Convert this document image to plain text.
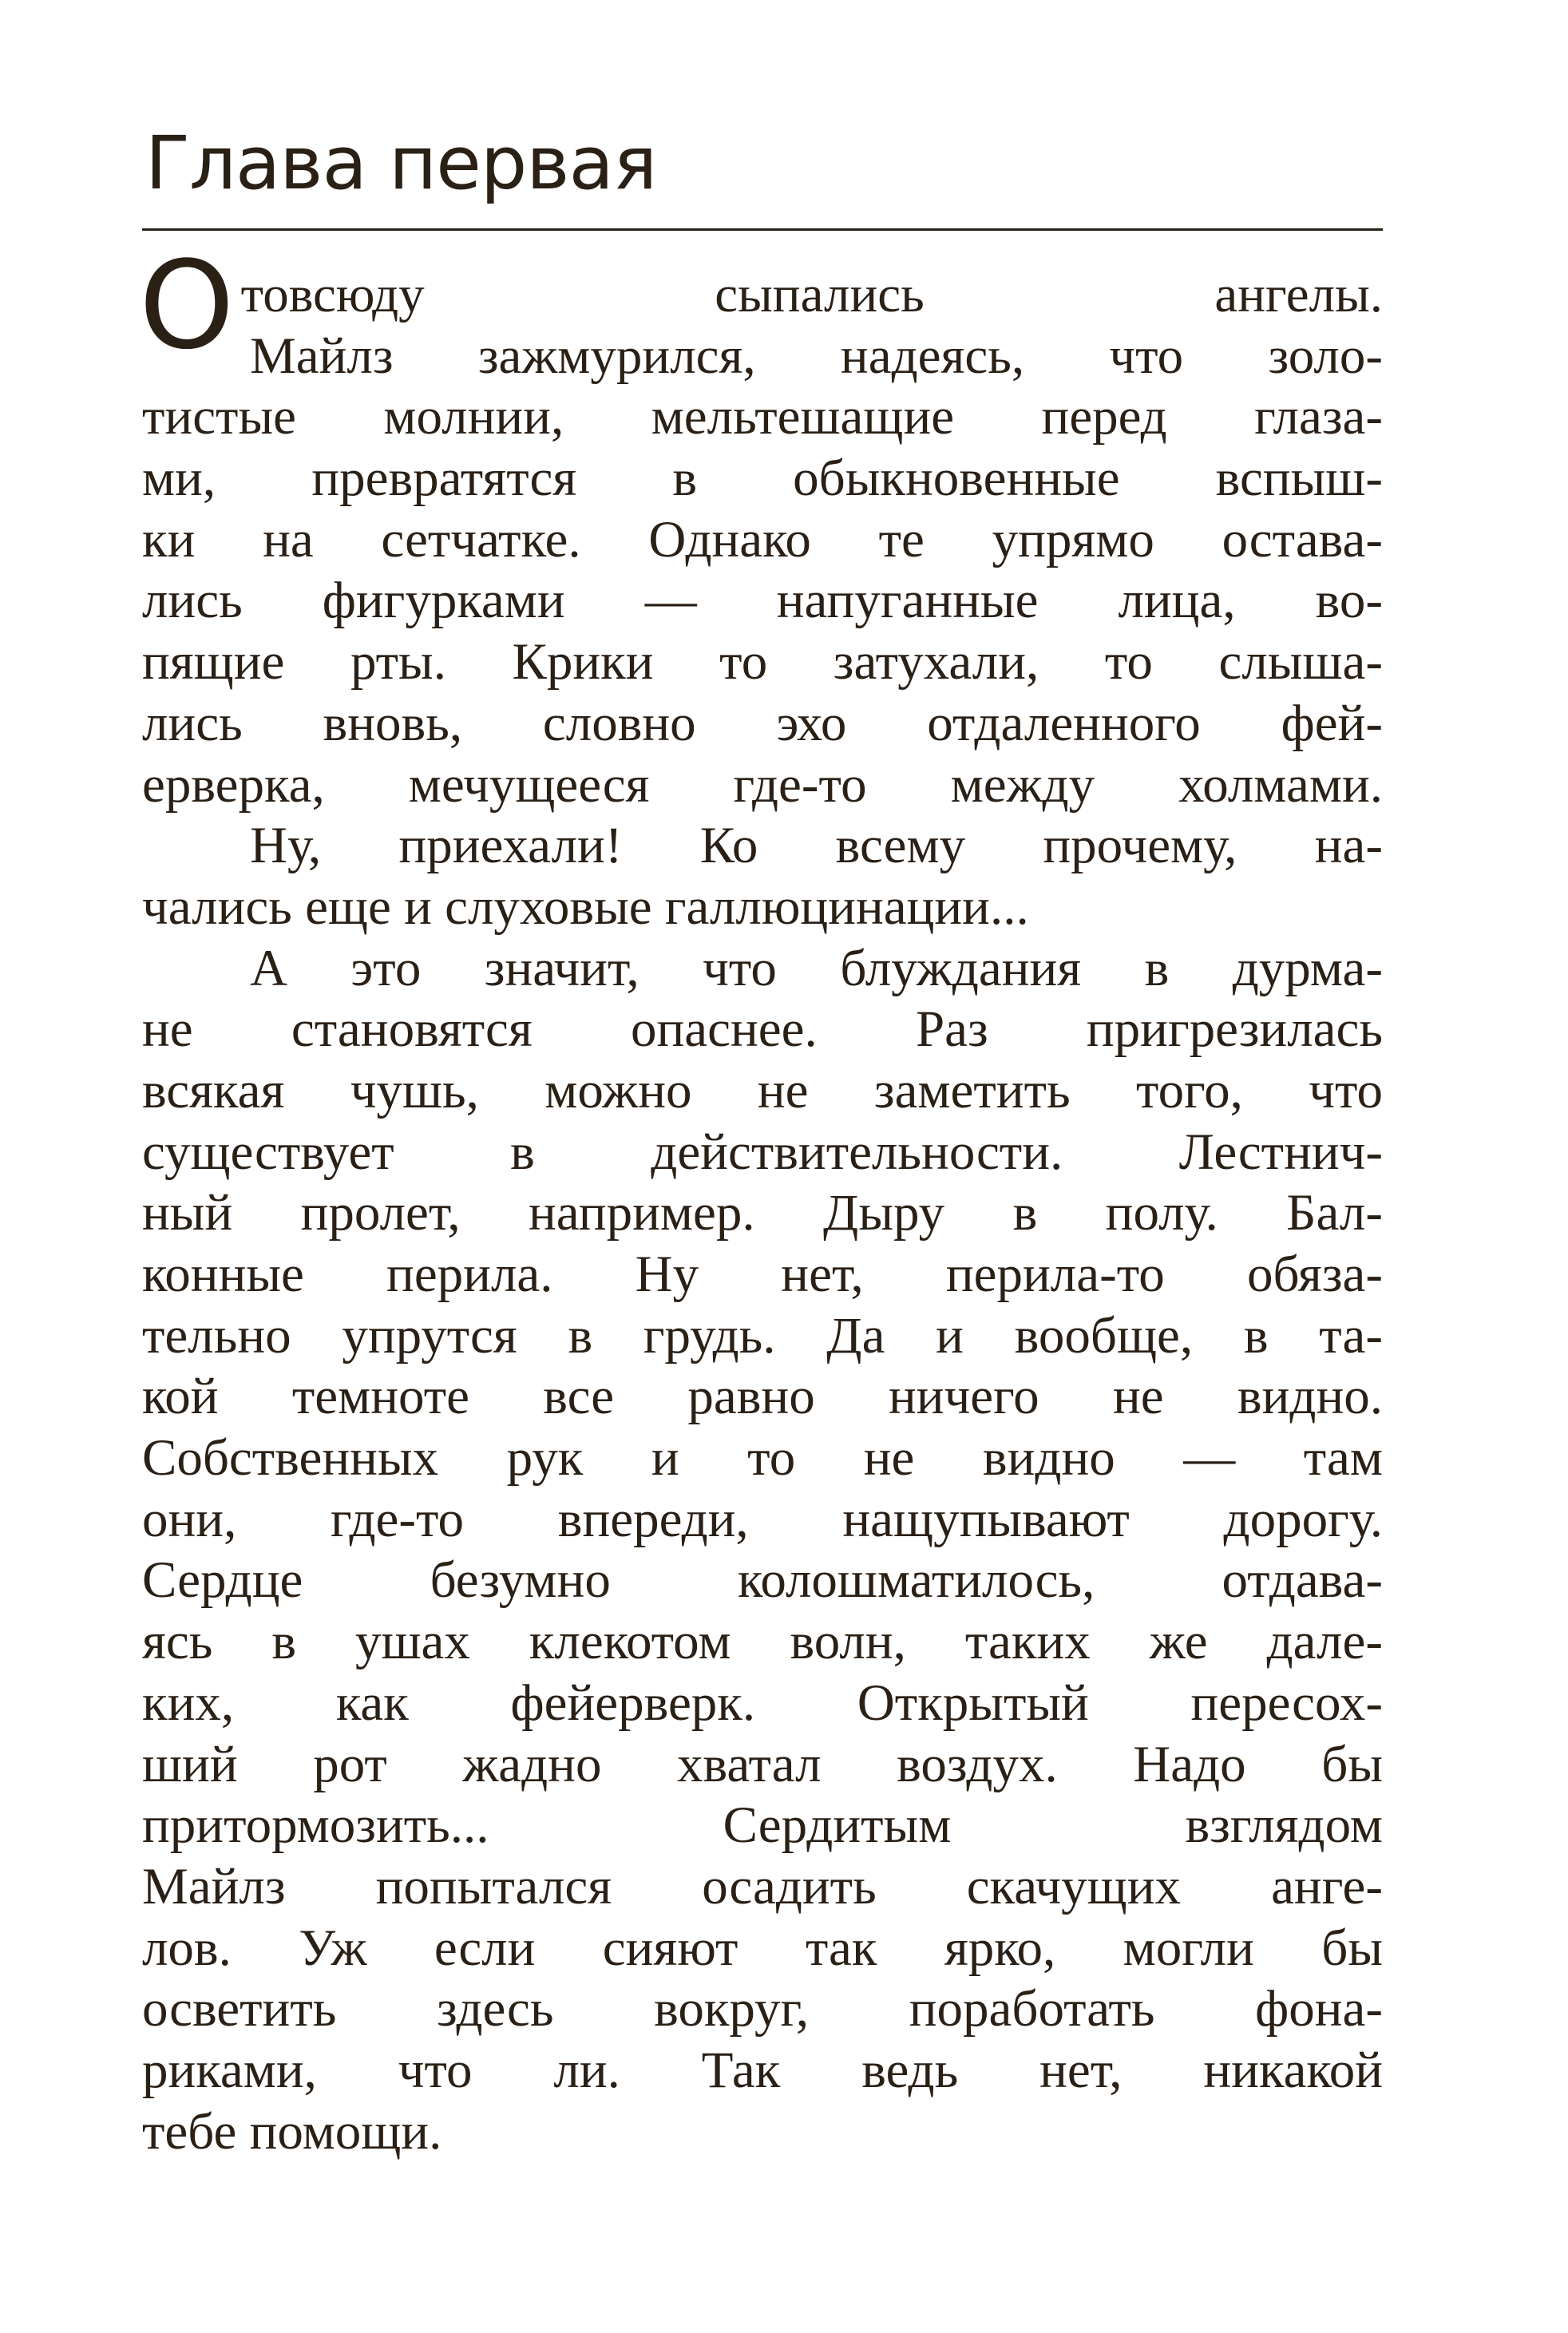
Глава первая
Отовсюду сыпались ангелы.
Майлз зажмурился, надеясь, что золо-
тистые молнии, мельтешащие перед глаза-
ми, превратятся в обыкновенные вспыш-
ки на сетчатке. Однако те упрямо остава-
лись фигурками — напуганные лица, во-
пящие рты. Крики то затухали, то слыша-
лись вновь, словно эхо отдаленного фей-
ерверка, мечущееся где-то между холмами.
Ну, приехали! Ко всему прочему, на-
чались еще и слуховые галлюцинации...
А это значит, что блуждания в дурма-
не становятся опаснее. Раз пригрезилась
всякая чушь, можно не заметить того, что
существует в действительности. Лестнич-
ный пролет, например. Дыру в полу. Бал-
конные перила. Ну нет, перила-то обяза-
тельно упрутся в грудь. Да и вообще, в та-
кой темноте все равно ничего не видно.
Собственных рук и то не видно — там
они, где-то впереди, нащупывают дорогу.
Сердце безумно колошматилось, отдава-
ясь в ушах клекотом волн, таких же дале-
ких, как фейерверк. Открытый пересох-
ший рот жадно хватал воздух. Надо бы
притормозить... Сердитым взглядом
Майлз попытался осадить скачущих анге-
лов. Уж если сияют так ярко, могли бы
осветить здесь вокруг, поработать фона-
риками, что ли. Так ведь нет, никакой
тебе помощи.
